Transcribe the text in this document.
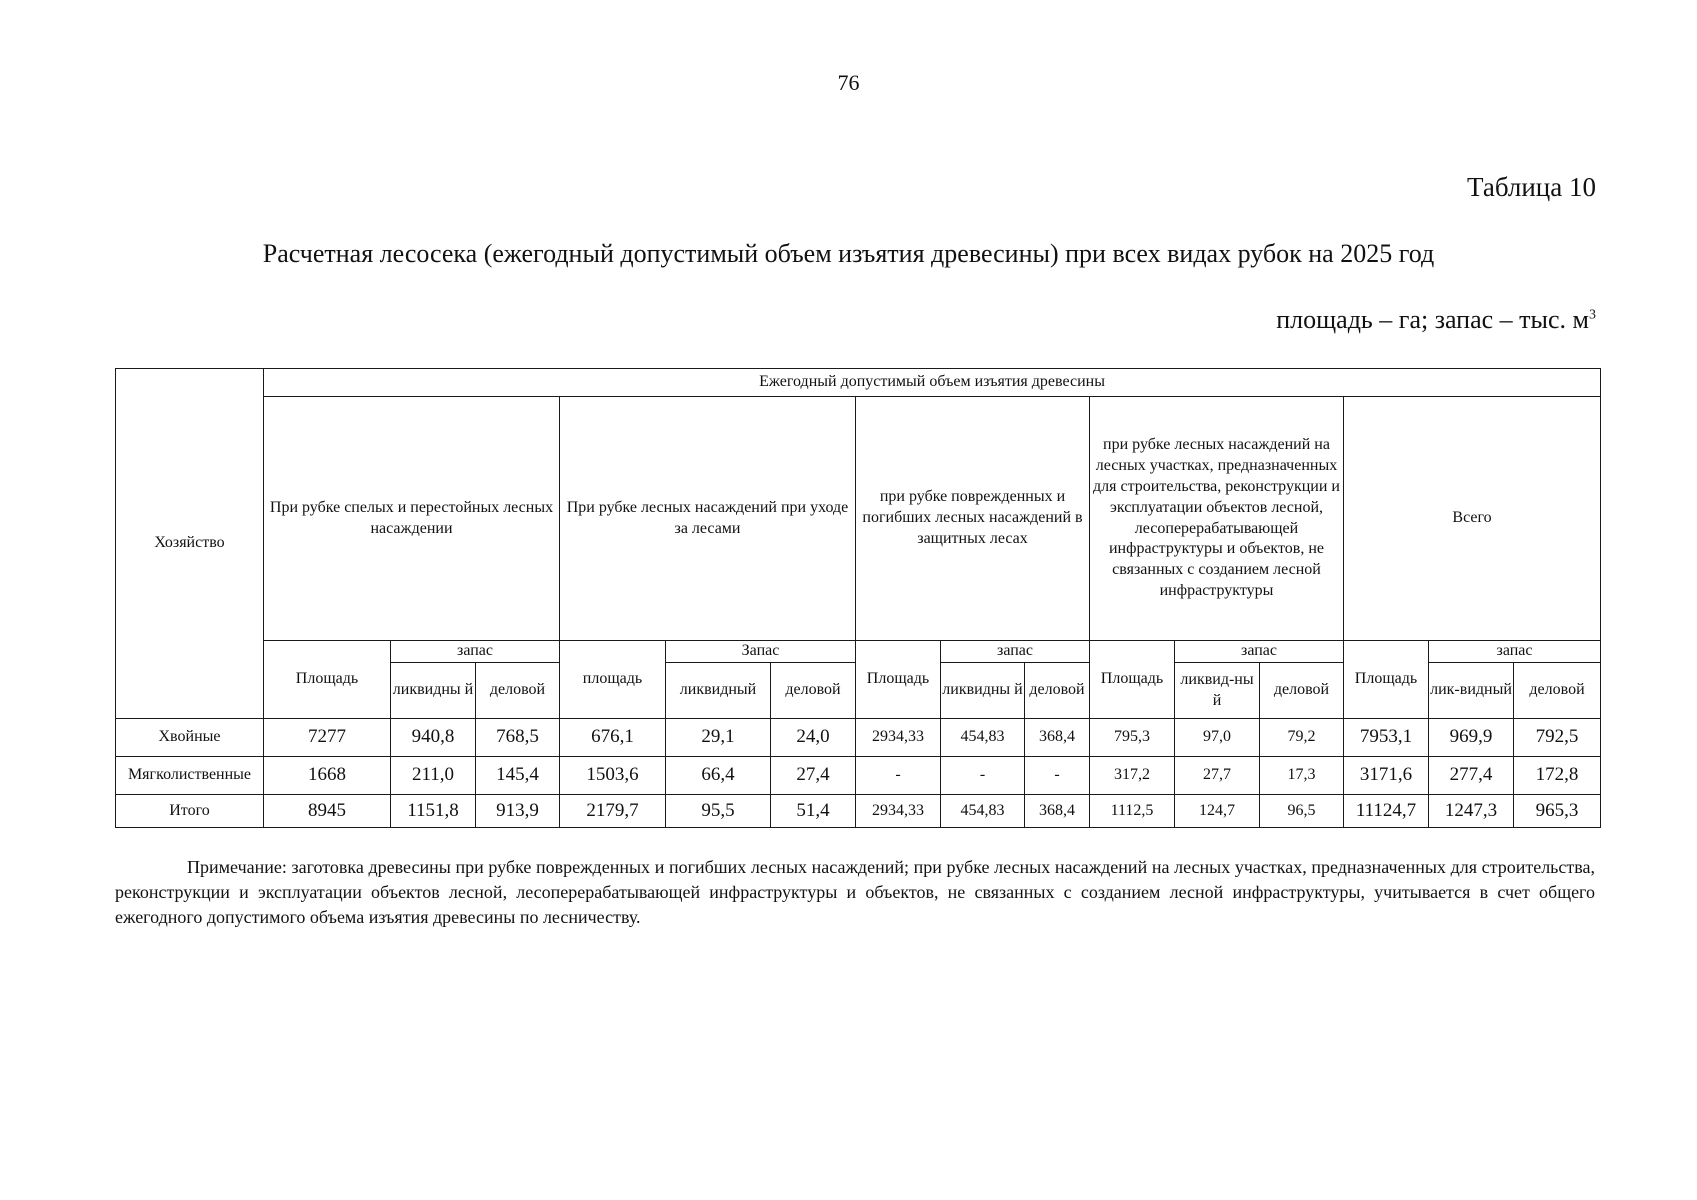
76
Таблица 10
Расчетная лесосека (ежегодный допустимый объем изъятия древесины) при всех видах рубок на 2025 год
площадь – га; запас – тыс. $м^3$
Хозяйство	Ежегодный допустимый объем изъятия древесины														
	При рубке спелых и перестойных лесных насаждении			При рубке лесных насаждений при уходе за лесами			при рубке поврежденных и погибших лесных насаждений в защитных лесах			при рубке лесных насаждений на лесных участках, предназначенных для строительства, реконструкции и эксплуатации объектов лесной, лесоперерабатывающей инфраструктуры и объектов, не связанных с созданием лесной инфраструктуры			Всего		
	Площадь	запас		площадь	Запас		Площадь	запас		Площадь	запас		Площадь	запас	
		ликвидны й	деловой		ликвидный	деловой		ликвидны й	деловой		ликвид-ны й	деловой		лик-видный	деловой
Хвойные	7277	940,8	768,5	676,1	29,1	24,0	2934,33	454,83	368,4	795,3	97,0	79,2	7953,1	969,9	792,5
Мягколиственные	1668	211,0	145,4	1503,6	66,4	27,4	-	-	-	317,2	27,7	17,3	3171,6	277,4	172,8
Итого	8945	1151,8	913,9	2179,7	95,5	51,4	2934,33	454,83	368,4	1112,5	124,7	96,5	11124,7	1247,3	965,3
Примечание: заготовка древесины при рубке поврежденных и погибших лесных насаждений; при рубке лесных насаждений на лесных участках, предназначенных для строительства, реконструкции и эксплуатации объектов лесной, лесоперерабатывающей инфраструктуры и объектов, не связанных с созданием лесной инфраструктуры, учитывается в счет общего ежегодного допустимого объема изъятия древесины по лесничеству.
